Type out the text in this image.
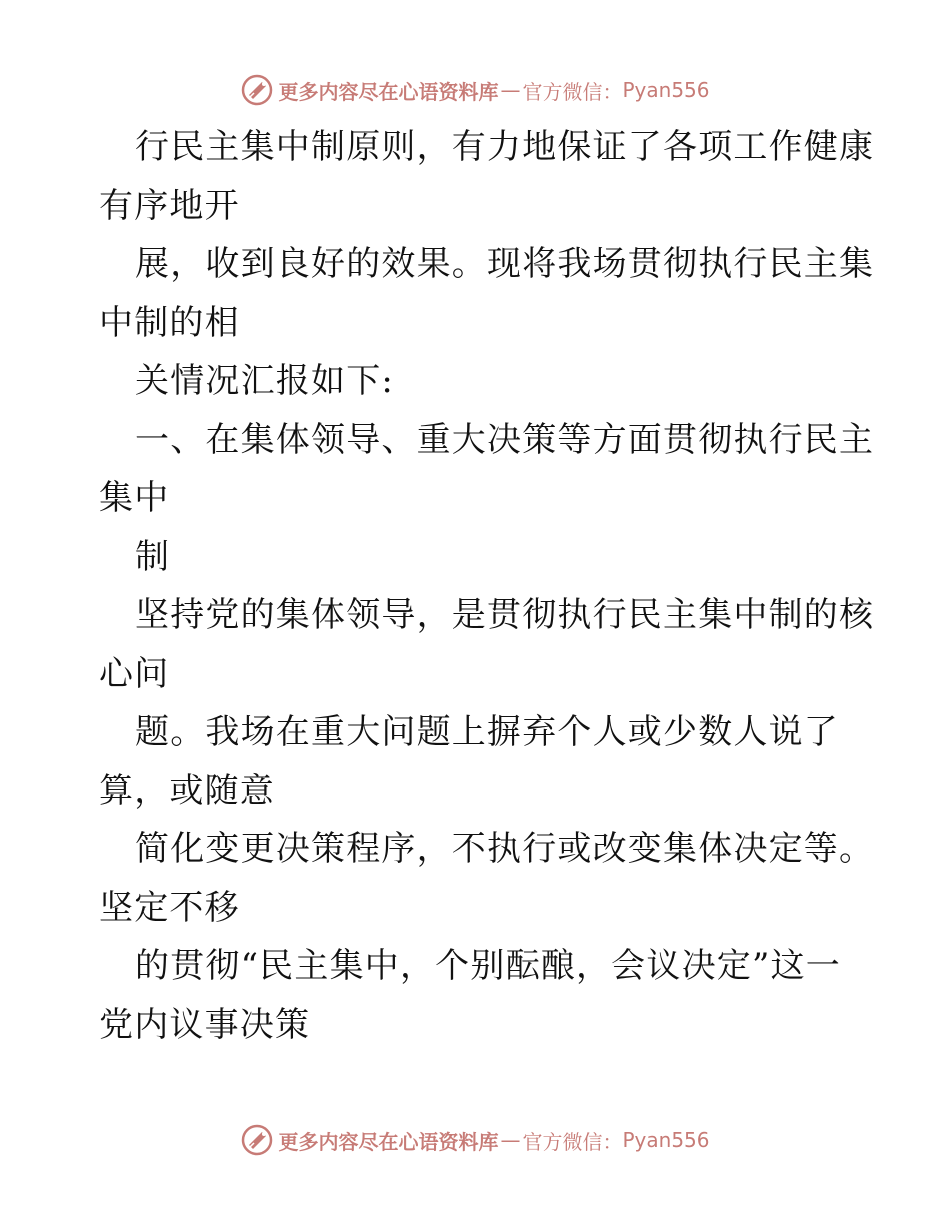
更多内容尽在心语资料库 — 官方微信： Pyan556
行民主集中制原则，有力地保证了各项工作健康
有序地开
展，收到良好的效果。现将我场贯彻执行民主集
中制的相
关情况汇报如下:
一、在集体领导、重大决策等方面贯彻执行民主
集中
制
坚持党的集体领导，是贯彻执行民主集中制的核
心问
题。我场在重大问题上摒弃个人或少数人说了
算，或随意
简化变更决策程序，不执行或改变集体决定等。
坚定不移
的贯彻“民主集中，个别酝酿，会议决定”这一
党内议事决策
更多内容尽在心语资料库 — 官方微信： Pyan556
